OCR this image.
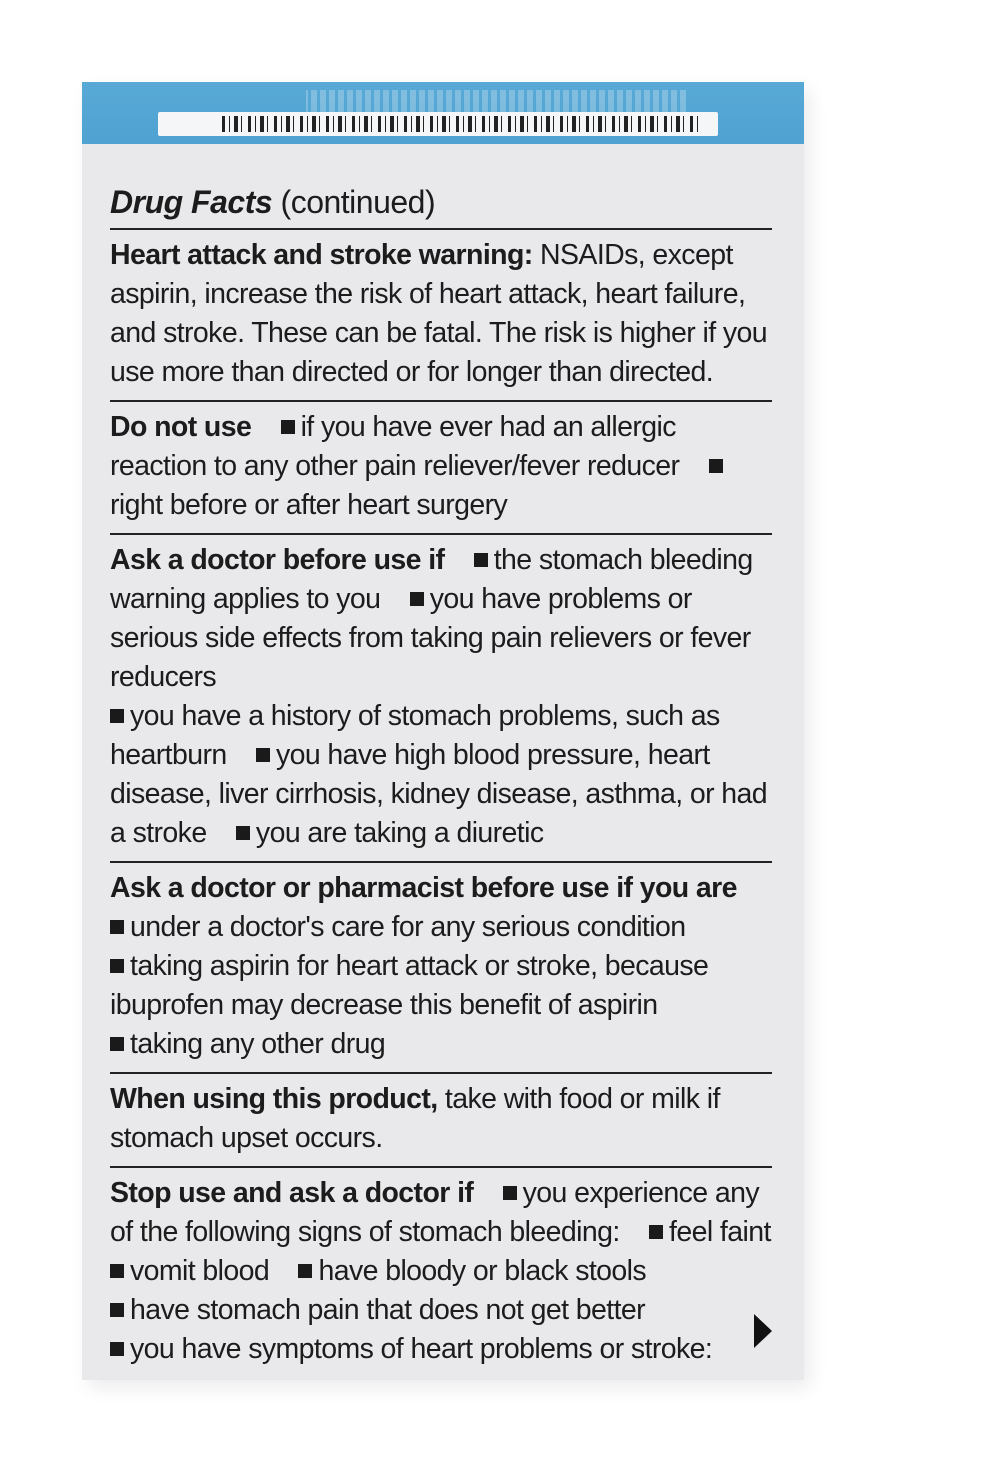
Drug Facts (continued)
Heart attack and stroke warning: NSAIDs, except aspirin, increase the risk of heart attack, heart failure, and stroke. These can be fatal. The risk is higher if you use more than directed or for longer than directed.
Do not use if you have ever had an allergic reaction to any other pain reliever/fever reducer right before or after heart surgery
Ask a doctor before use if the stomach bleeding warning applies to you you have problems or serious side effects from taking pain relievers or fever reducers
you have a history of stomach problems, such as heartburn you have high blood pressure, heart disease, liver cirrhosis, kidney disease, asthma, or had a stroke you are taking a diuretic
Ask a doctor or pharmacist before use if you are
under a doctor's care for any serious condition
taking aspirin for heart attack or stroke, because ibuprofen may decrease this benefit of aspirin
taking any other drug
When using this product, take with food or milk if stomach upset occurs.
Stop use and ask a doctor if you experience any of the following signs of stomach bleeding: feel faint
vomit blood have bloody or black stools
have stomach pain that does not get better
you have symptoms of heart problems or stroke:
